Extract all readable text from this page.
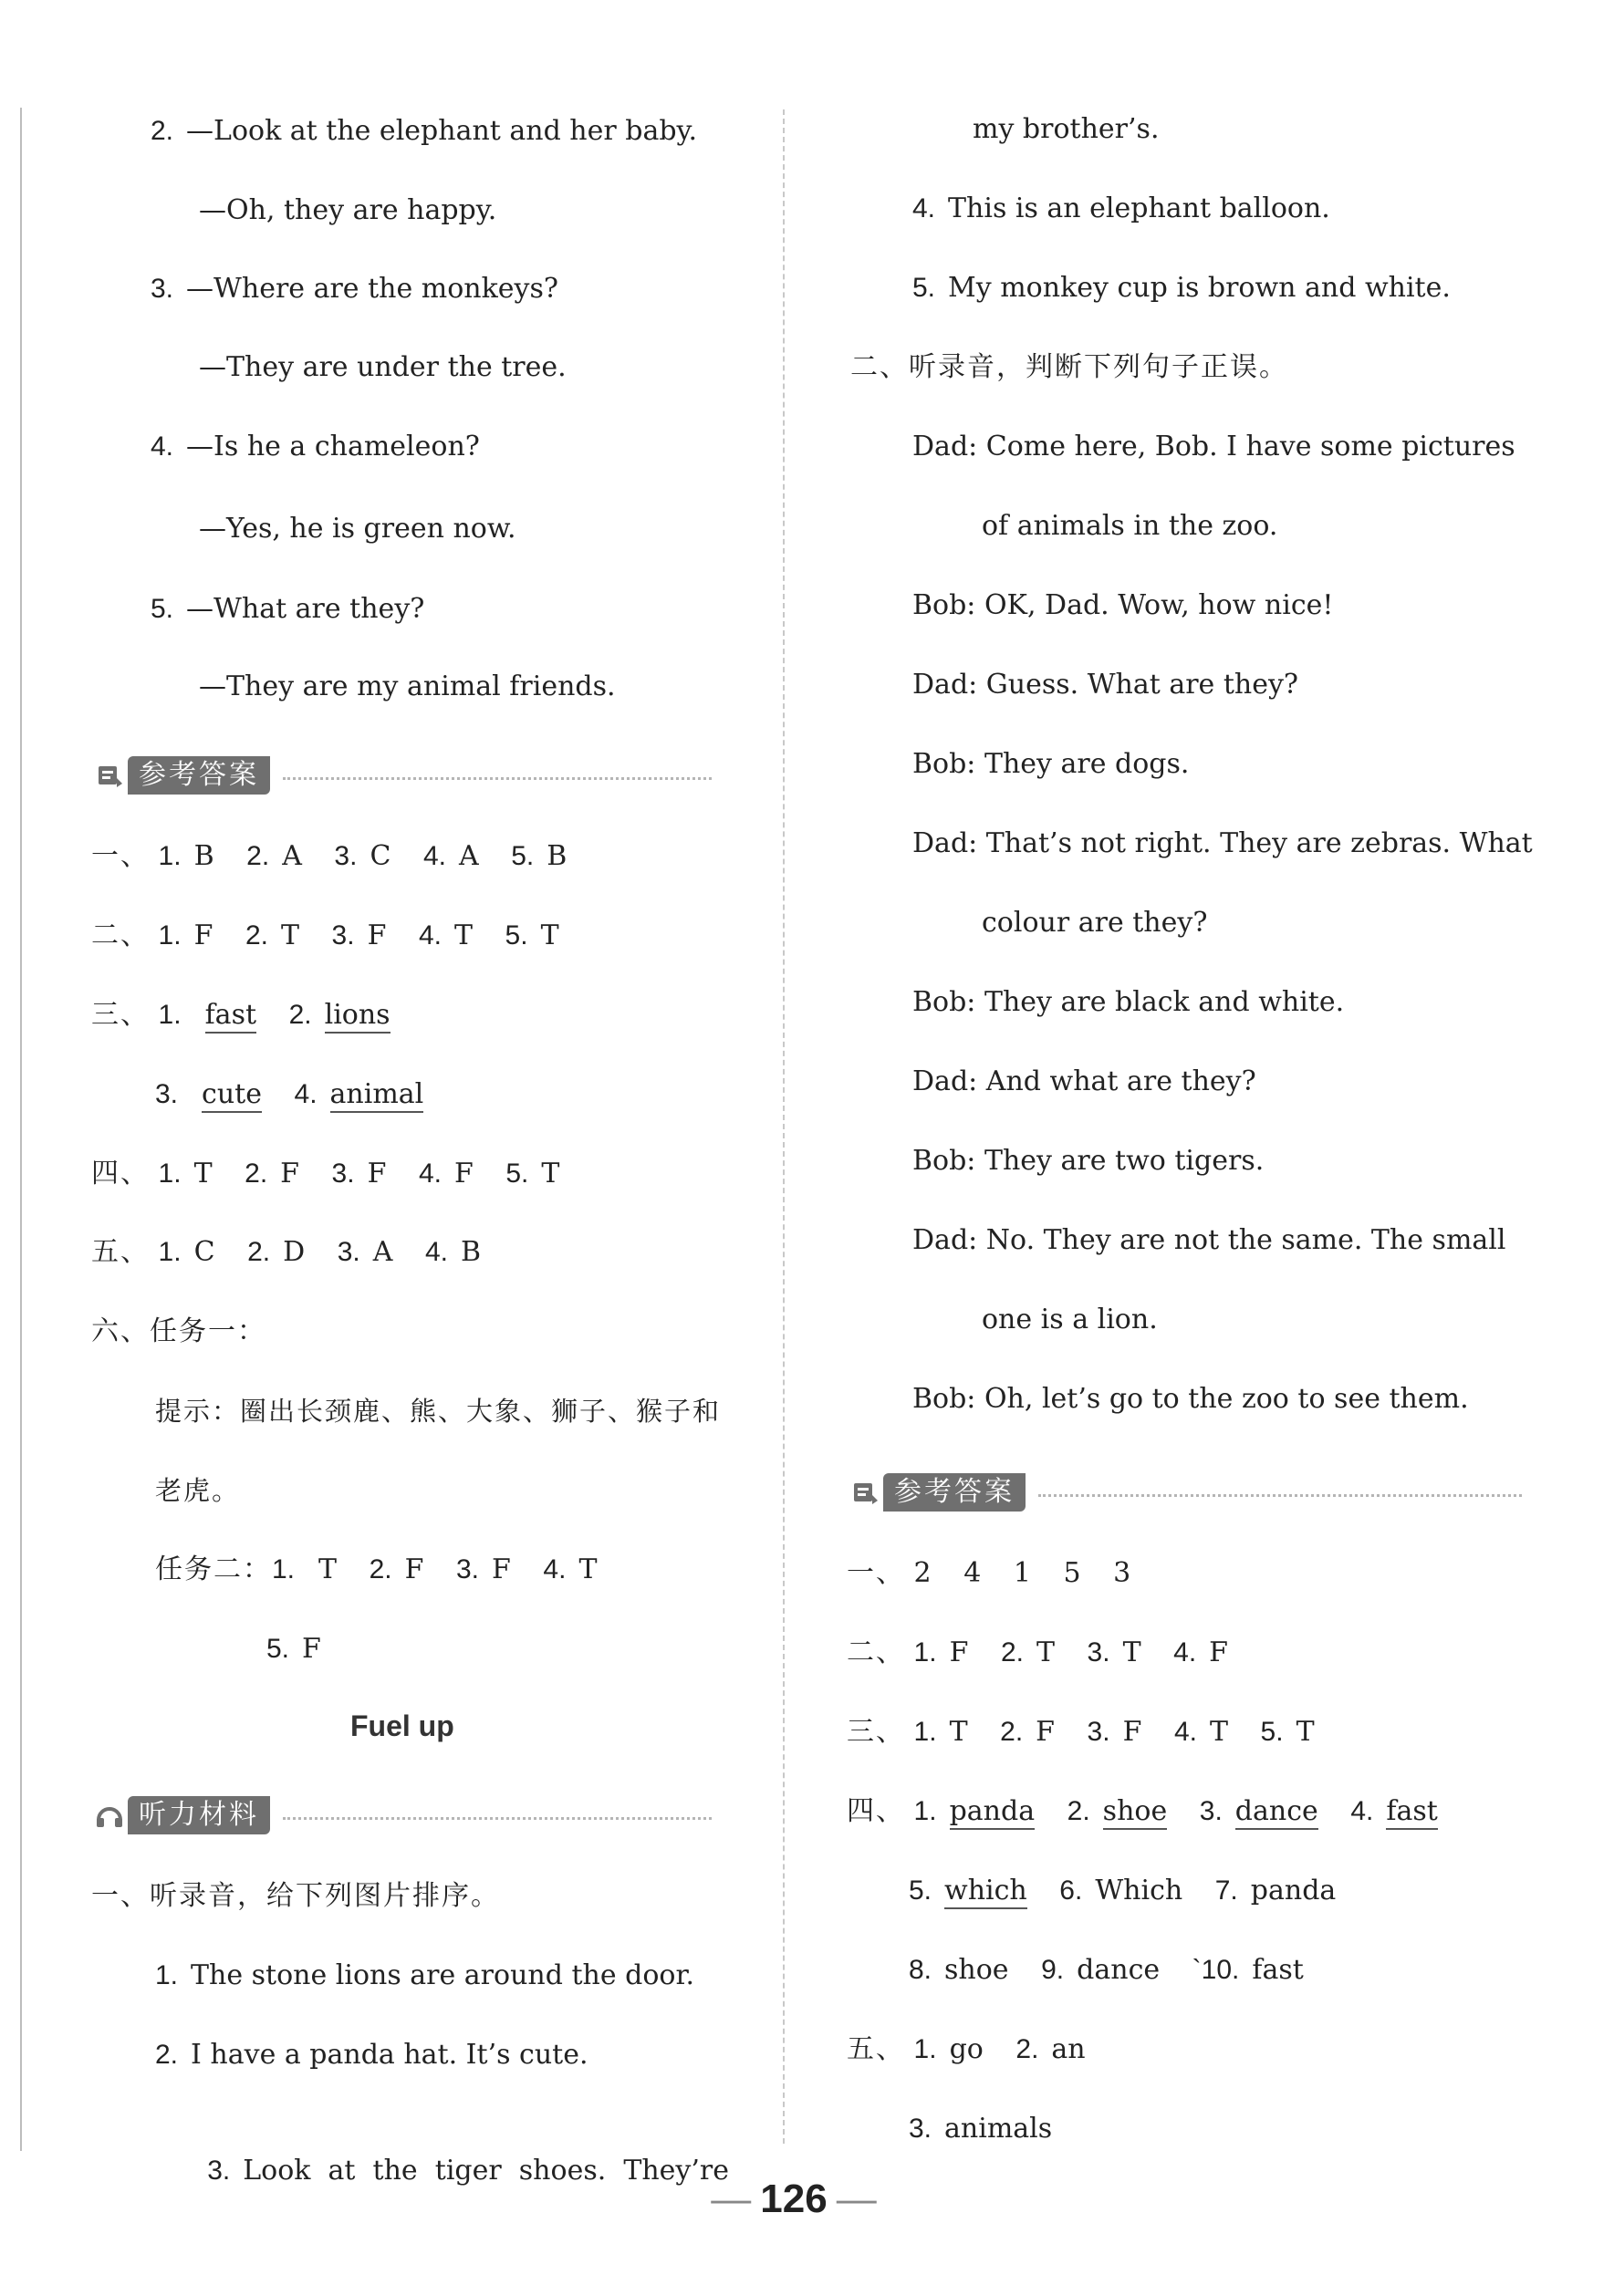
2. —Look at the elephant and her baby.
—Oh, they are happy.
3. —Where are the monkeys?
—They are under the tree.
4. —Is he a chameleon?
—Yes, he is green now.
5. —What are they?
—They are my animal friends.
参考答案
一、 1. B 2. A 3. C 4. A 5. B
二、 1. F 2. T 3. F 4. T 5. T
三、 1. fast 2. lions
3. cute 4. animal
四、 1. T 2. F 3. F 4. F 5. T
五、 1. C 2. D 3. A 4. B
六、任务一：
提示：圈出长颈鹿、熊、大象、狮子、猴子和
老虎。
任务二：1. T 2. F 3. F 4. T
5. F
Fuel up
听力材料
一、听录音，给下列图片排序。
1. The stone lions are around the door.
2. I have a panda hat. It’s cute.

3. Look  at  the  tiger  shoes.  They’re

my brother’s.
4. This is an elephant balloon.
5. My monkey cup is brown and white.
二、听录音，判断下列句子正误。
Dad: Come here, Bob. I have some pictures
of animals in the zoo.
Bob: OK, Dad. Wow, how nice!
Dad: Guess. What are they?
Bob: They are dogs.
Dad: That’s not right. They are zebras. What
colour are they?
Bob: They are black and white.
Dad: And what are they?
Bob: They are two tigers.
Dad: No. They are not the same. The small
one is a lion.
Bob: Oh, let’s go to the zoo to see them.
参考答案
一、 2 4 1 5 3
二、 1. F 2. T 3. T 4. F
三、 1. T 2. F 3. F 4. T 5. T
四、 1. panda 2. shoe 3. dance 4. fast
5. which 6. Which 7. panda
8. shoe 9. dance `10. fast
五、 1. go 2. an
3. animals
— 126 —
